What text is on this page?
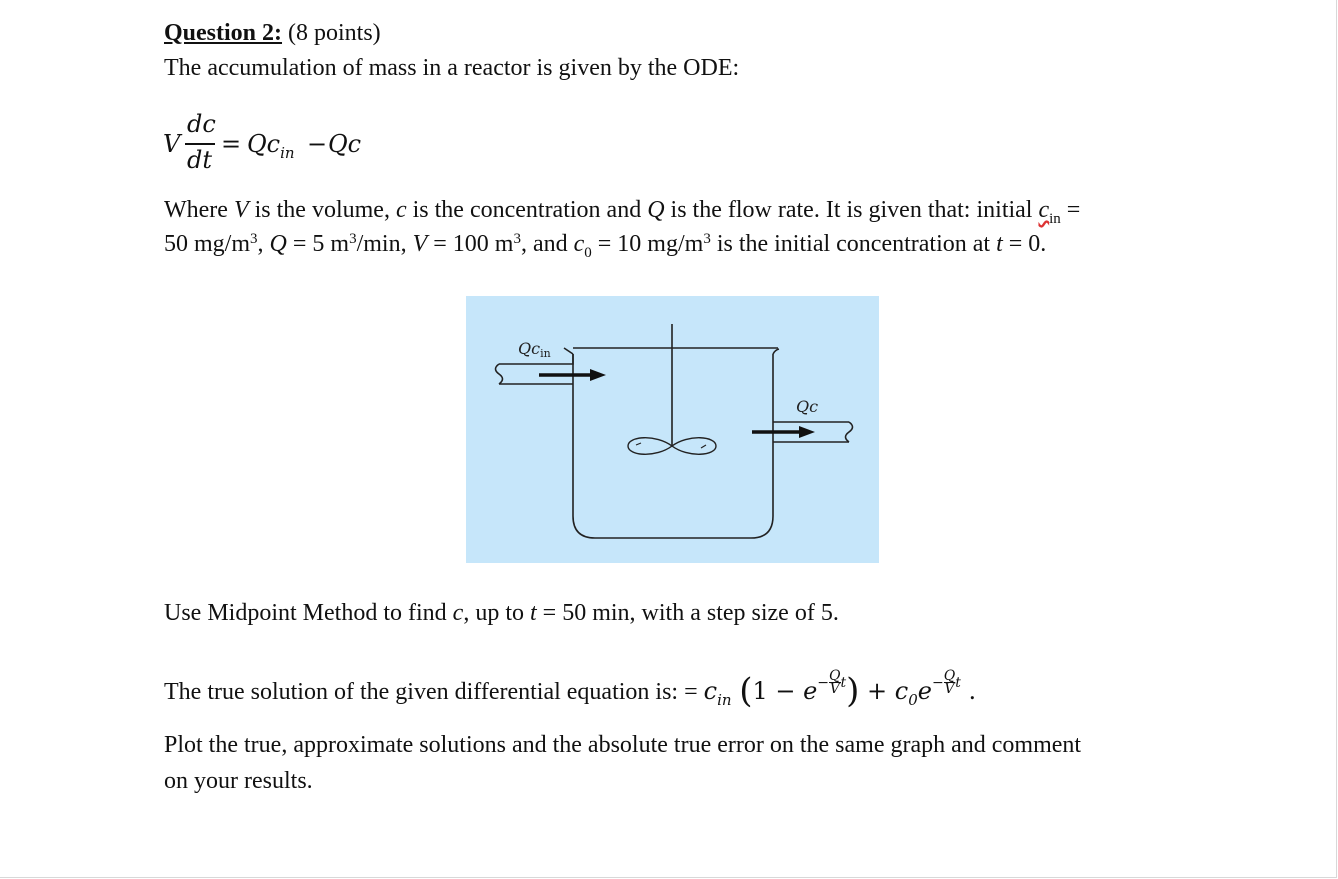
Question 2: (8 points)
The accumulation of mass in a reactor is given by the ODE:
V
dc
dt
= $Qc_{in} - Qc$
Where V is the volume, c is the concentration and Q is the flow rate. It is given that: initial $c_{in}$ =
50 $mg/m^3$, Q = 5 $m^3/\min$, V = 100 $m^3$, and $c_0 = 10$ $mg/m^3$ is the initial concentration at t = 0.
Qcin
Qc
Use Midpoint Method to find c, up to t = 50 min, with a step size of 5.
The true solution of the given differential equation is: = $c_{in}$ $(1 - e- \frac{Q}{V} t) + c_0e- \frac{Q}{V}$ t .
Plot the true, approximate solutions and the absolute true error on the same graph and comment
on your results.
